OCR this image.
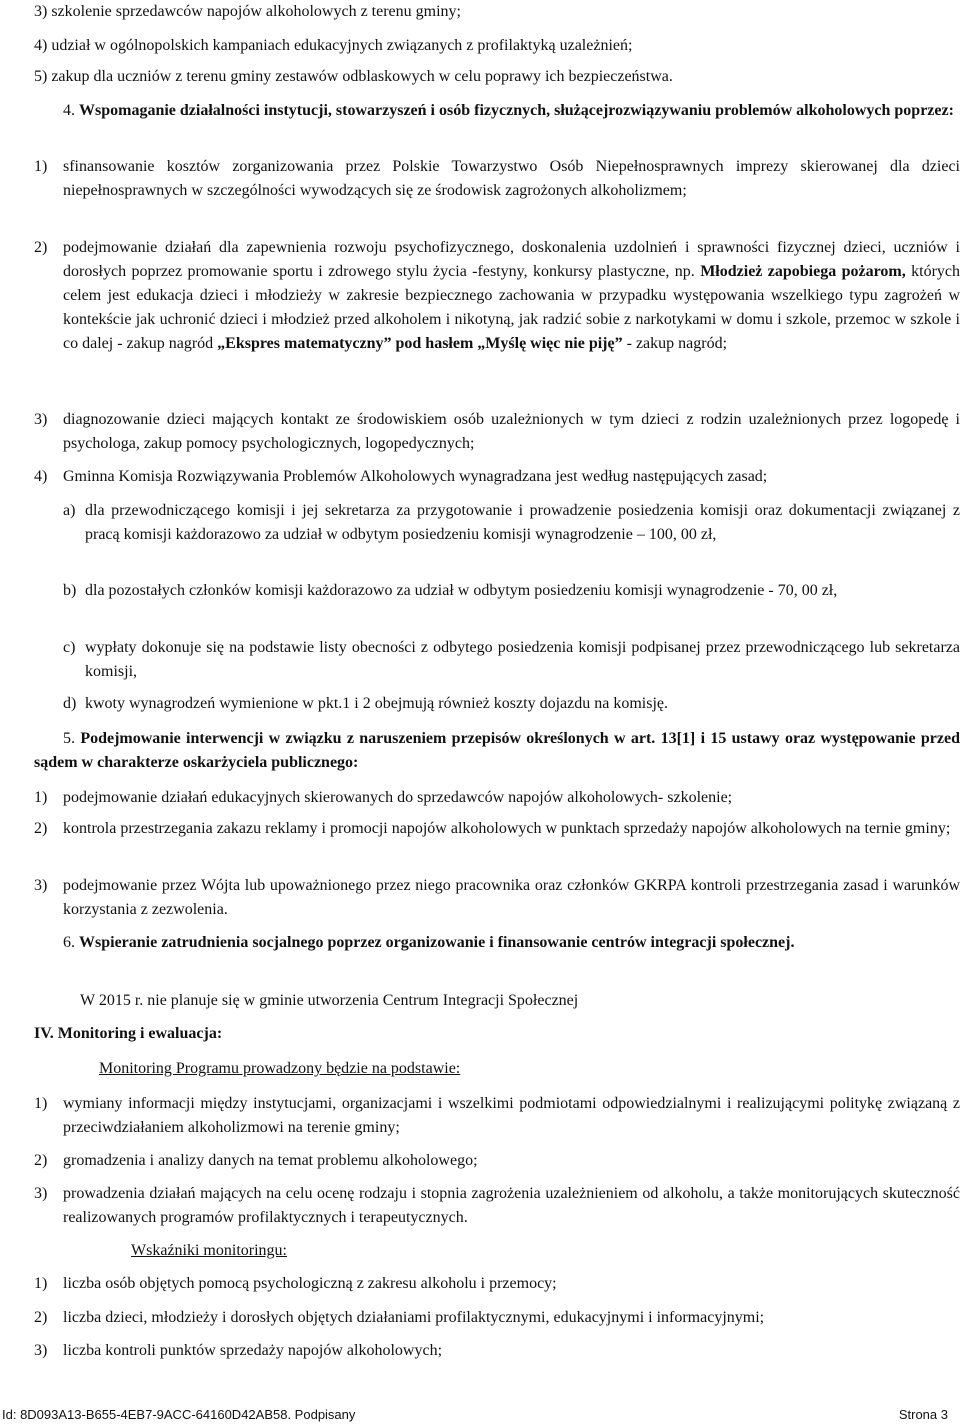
3) szkolenie sprzedawców napojów alkoholowych z terenu gminy;
4) udział w ogólnopolskich kampaniach edukacyjnych związanych z profilaktyką uzależnień;
5) zakup dla uczniów z terenu gminy zestawów odblaskowych w celu poprawy ich bezpieczeństwa.
4. Wspomaganie działalności instytucji, stowarzyszeń i osób fizycznych, służącejrozwiązywaniu problemów alkoholowych poprzez:
1) sfinansowanie kosztów zorganizowania przez Polskie Towarzystwo Osób Niepełnosprawnych imprezy skierowanej dla dzieci niepełnosprawnych w szczególności wywodzących się ze środowisk zagrożonych alkoholizmem;
2) podejmowanie działań dla zapewnienia rozwoju psychofizycznego, doskonalenia uzdolnień i sprawności fizycznej dzieci, uczniów i dorosłych poprzez promowanie sportu i zdrowego stylu życia -festyny, konkursy plastyczne, np. Młodzież zapobiega pożarom, których celem jest edukacja dzieci i młodzieży w zakresie bezpiecznego zachowania w przypadku występowania wszelkiego typu zagrożeń w kontekście jak uchronić dzieci i młodzież przed alkoholem i nikotyną, jak radzić sobie z narkotykami w domu i szkole, przemoc w szkole i co dalej - zakup nagród „Ekspres matematyczny” pod hasłem „Myślę więc nie piję” - zakup nagród;
3) diagnozowanie dzieci mających kontakt ze środowiskiem osób uzależnionych w tym dzieci z rodzin uzależnionych przez logopedę i psychologa, zakup pomocy psychologicznych, logopedycznych;
4) Gminna Komisja Rozwiązywania Problemów Alkoholowych wynagradzana jest według następujących zasad;
a) dla przewodniczącego komisji i jej sekretarza za przygotowanie i prowadzenie posiedzenia komisji oraz dokumentacji związanej z pracą komisji każdorazowo za udział w odbytym posiedzeniu komisji wynagrodzenie – 100, 00 zł,
b) dla pozostałych członków komisji każdorazowo za udział w odbytym posiedzeniu komisji wynagrodzenie - 70, 00 zł,
c) wypłaty dokonuje się na podstawie listy obecności z odbytego posiedzenia komisji podpisanej przez przewodniczącego lub sekretarza komisji,
d) kwoty wynagrodzeń wymienione w pkt.1 i 2 obejmują również koszty dojazdu na komisję.
5. Podejmowanie interwencji w związku z naruszeniem przepisów określonych w art. 13[1] i 15 ustawy oraz występowanie przed sądem w charakterze oskarżyciela publicznego:
1) podejmowanie działań edukacyjnych skierowanych do sprzedawców napojów alkoholowych- szkolenie;
2) kontrola przestrzegania zakazu reklamy i promocji napojów alkoholowych w punktach sprzedaży napojów alkoholowych na ternie gminy;
3) podejmowanie przez Wójta lub upoważnionego przez niego pracownika oraz członków GKRPA kontroli przestrzegania zasad i warunków korzystania z zezwolenia.
6. Wspieranie zatrudnienia socjalnego poprzez organizowanie i finansowanie centrów integracji społecznej.
W 2015 r. nie planuje się w gminie utworzenia Centrum Integracji Społecznej
IV. Monitoring i ewaluacja:
Monitoring Programu prowadzony będzie na podstawie:
1) wymiany informacji między instytucjami, organizacjami i wszelkimi podmiotami odpowiedzialnymi i realizującymi politykę związaną z przeciwdziałaniem alkoholizmowi na terenie gminy;
2) gromadzenia i analizy danych na temat problemu alkoholowego;
3) prowadzenia działań mających na celu ocenę rodzaju i stopnia zagrożenia uzależnieniem od alkoholu, a także monitorujących skuteczność realizowanych programów profilaktycznych i terapeutycznych.
Wskaźniki monitoringu:
1) liczba osób objętych pomocą psychologiczną z zakresu alkoholu i przemocy;
2) liczba dzieci, młodzieży i dorosłych objętych działaniami profilaktycznymi, edukacyjnymi i informacyjnymi;
3) liczba kontroli punktów sprzedaży napojów alkoholowych;
Id: 8D093A13-B655-4EB7-9ACC-64160D42AB58. Podpisany	Strona 3
